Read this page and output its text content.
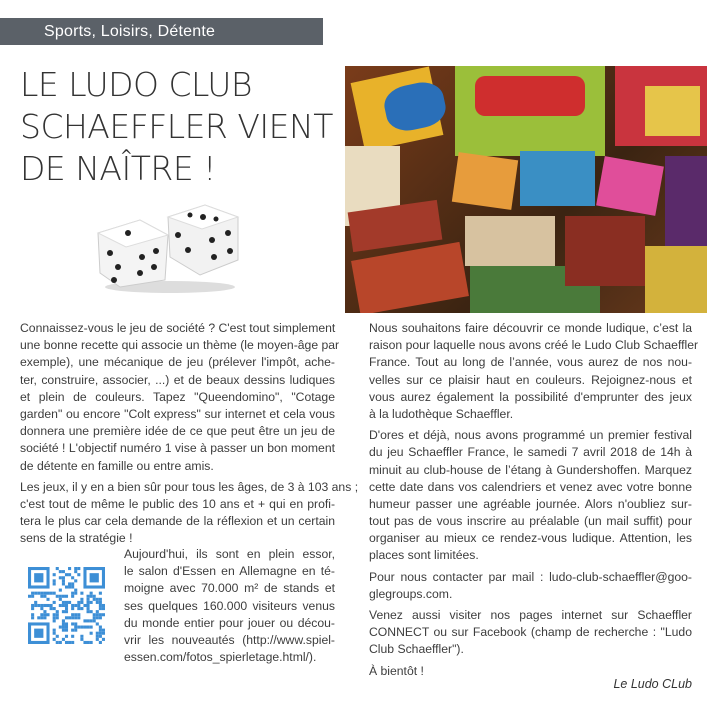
Sports, Loisirs, Détente
LE LUDO CLUB
SCHAEFFLER VIENT
DE NAÎTRE !
Connaissez-vous le jeu de société ? C'est tout simplement
une bonne recette qui associe un thème (le moyen-âge par
exemple), une mécanique de jeu (prélever l'impôt, ache-
ter, construire, associer, ...) et de beaux dessins ludiques
et plein de couleurs. Tapez "Queendomino", "Cotage
garden" ou encore "Colt express" sur internet et cela vous
donnera une première idée de ce que peut être un jeu de
société ! L'objectif numéro 1 vise à passer un bon moment
de détente en famille ou entre amis.
Les jeux, il y en a bien sûr pour tous les âges, de 3 à 103 ans ;
c'est tout de même le public des 10 ans et + qui en profi-
tera le plus car cela demande de la réflexion et un certain
sens de la stratégie !
Aujourd'hui, ils sont en plein essor,
le salon d'Essen en Allemagne en té-
moigne avec 70.000 m² de stands et
ses quelques 160.000 visiteurs venus
du monde entier pour jouer ou décou-
vrir les nouveautés (http://www.spiel-
essen.com/fotos_spierletage.html/).
Nous souhaitons faire découvrir ce monde ludique, c’est la
raison pour laquelle nous avons créé le Ludo Club Schaeffler
France. Tout au long de l’année, vous aurez de nos nou-
velles sur ce plaisir haut en couleurs. Rejoignez-nous et
vous aurez également la possibilité d'emprunter des jeux
à la ludothèque Schaeffler.
D'ores et déjà, nous avons programmé un premier festival
du jeu Schaeffler France, le samedi 7 avril 2018 de 14h à
minuit au club-house de l’étang à Gundershoffen. Marquez
cette date dans vos calendriers et venez avec votre bonne
humeur passer une agréable journée. Alors n'oubliez sur-
tout pas de vous inscrire au préalable (un mail suffit) pour
organiser au mieux ce rendez-vous ludique. Attention, les
places sont limitées.
Pour nous contacter par mail : ludo-club-schaeffler@goo-
glegroups.com.
Venez aussi visiter nos pages internet sur Schaeffler
CONNECT ou sur Facebook (champ de recherche : "Ludo
Club Schaeffler").
À bientôt !
Le Ludo CLub
